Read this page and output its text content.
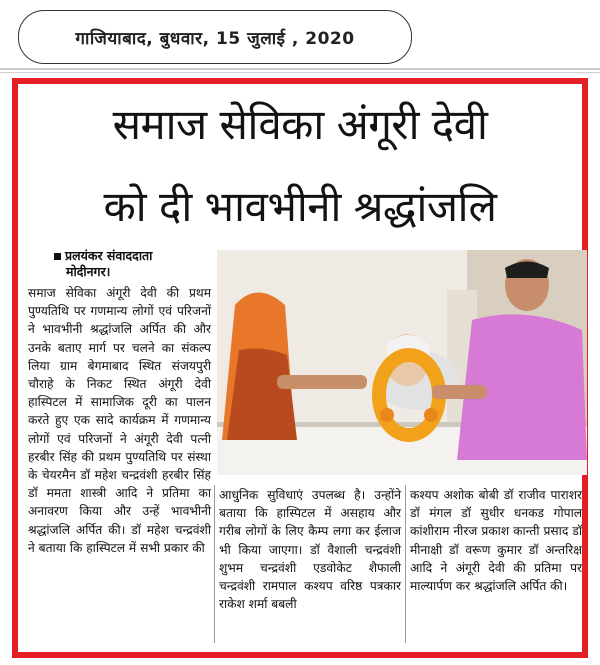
गाजियाबाद, बुधवार, 15 जुलाई , 2020
समाज सेविका अंगूरी देवी
को दी भावभीनी श्रद्धांजलि
प्रलयंकर संवाददाता
मोदीनगर।
समाज सेविका अंगूरी देवी की प्रथम पुण्यतिथि पर गणमान्य लोगों एवं परिजनों ने भावभीनी श्रद्धांजलि अर्पित की और उनके बताए मार्ग पर चलने का संकल्प लिया ग्राम बेगमाबाद स्थित संजयपुरी चौराहे के निकट स्थित अंगूरी देवी हास्पिटल में सामाजिक दूरी का पालन करते हुए एक सादे कार्यक्रम में गणमान्य लोगों एवं परिजनों ने अंगूरी देवी पत्नी हरबीर सिंह की प्रथम पुण्यतिथि पर संस्था के चेयरमैन डॉ महेश चन्द्रवंशी हरबीर सिंह डॉ ममता शास्त्री आदि ने प्रतिमा का अनावरण किया और उन्हें भावभीनी श्रद्धांजलि अर्पित की। डॉ महेश चन्द्रवंशी ने बताया कि हास्पिटल में सभी प्रकार की
आधुनिक सुविधाएं उपलब्ध है। उन्होंने बताया कि हास्पिटल में असहाय और गरीब लोगों के लिए कैम्प लगा कर ईलाज भी किया जाएगा। डॉ वैशाली चन्द्रवंशी शुभम चन्द्रवंशी एडवोकेट शैफाली चन्द्रवंशी रामपाल कश्यप वरिष्ठ पत्रकार राकेश शर्मा बबली
कश्यप अशोक बोबी डॉ राजीव पाराशर डॉ मंगल डॉ सुधीर धनकड गोपाल कांशीराम नीरज प्रकाश कान्ती प्रसाद डॉ मीनाक्षी डॉ वरूण कुमार डॉ अन्तरिक्ष आदि ने अंगूरी देवी की प्रतिमा पर माल्यार्पण कर श्रद्धांजलि अर्पित की।
